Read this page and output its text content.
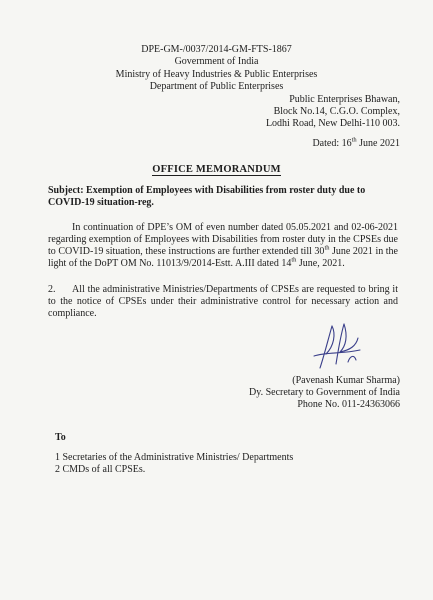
DPE-GM-/0037/2014-GM-FTS-1867
Government of India
Ministry of Heavy Industries & Public Enterprises
Department of Public Enterprises
Public Enterprises Bhawan,
Block No.14, C.G.O. Complex,
Lodhi Road, New Delhi-110 003.
Dated: 16th June 2021
OFFICE MEMORANDUM
Subject: Exemption of Employees with Disabilities from roster duty due to COVID-19 situation-reg.
In continuation of DPE’s OM of even number dated 05.05.2021 and 02-06-2021 regarding exemption of Employees with Disabilities from roster duty in the CPSEs due to COVID-19 situation, these instructions are further extended till 30th June 2021 in the light of the DoPT OM No. 11013/9/2014-Estt. A.III dated 14th June, 2021.
2. All the administrative Ministries/Departments of CPSEs are requested to bring it to the notice of CPSEs under their administrative control for necessary action and compliance.
(Pavenash Kumar Sharma)
Dy. Secretary to Government of India
Phone No. 011-24363066
To
1 Secretaries of the Administrative Ministries/ Departments
2 CMDs of all CPSEs.
